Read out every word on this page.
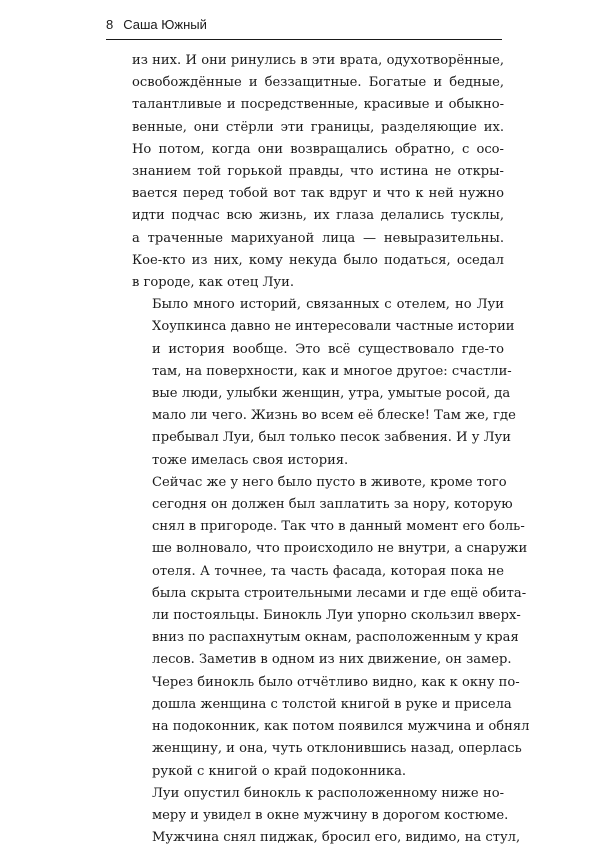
8 Саша Южный
из них. И они ринулись в эти врата, одухотворённые,
освобождённые и беззащитные. Богатые и бедные,
талантливые и посредственные, красивые и обыкно-
венные, они стёрли эти границы, разделяющие их.
Но потом, когда они возвращались обратно, с осо-
знанием той горькой правды, что истина не откры-
вается перед тобой вот так вдруг и что к ней нужно
идти подчас всю жизнь, их глаза делались тусклы,
а траченные марихуаной лица — невыразительны.
Кое-кто из них, кому некуда было податься, оседал
в городе, как отец Луи.
Было много историй, связанных с отелем, но Луи
Хоупкинса давно не интересовали частные истории
и история вообще. Это всё существовало где-то
там, на поверхности, как и многое другое: счастли-
вые люди, улыбки женщин, утра, умытые росой, да
мало ли чего. Жизнь во всем её блеске! Там же, где
пребывал Луи, был только песок забвения. И у Луи
тоже имелась своя история.
Сейчас же у него было пусто в животе, кроме того
сегодня он должен был заплатить за нору, которую
снял в пригороде. Так что в данный момент его боль-
ше волновало, что происходило не внутри, а снаружи
отеля. А точнее, та часть фасада, которая пока не
была скрыта строительными лесами и где ещё обита-
ли постояльцы. Бинокль Луи упорно скользил вверх-
вниз по распахнутым окнам, расположенным у края
лесов. Заметив в одном из них движение, он замер.
Через бинокль было отчётливо видно, как к окну по-
дошла женщина с толстой книгой в руке и присела
на подоконник, как потом появился мужчина и обнял
женщину, и она, чуть отклонившись назад, оперлась
рукой с книгой о край подоконника.
Луи опустил бинокль к расположенному ниже но-
меру и увидел в окне мужчину в дорогом костюме.
Мужчина снял пиджак, бросил его, видимо, на стул,
